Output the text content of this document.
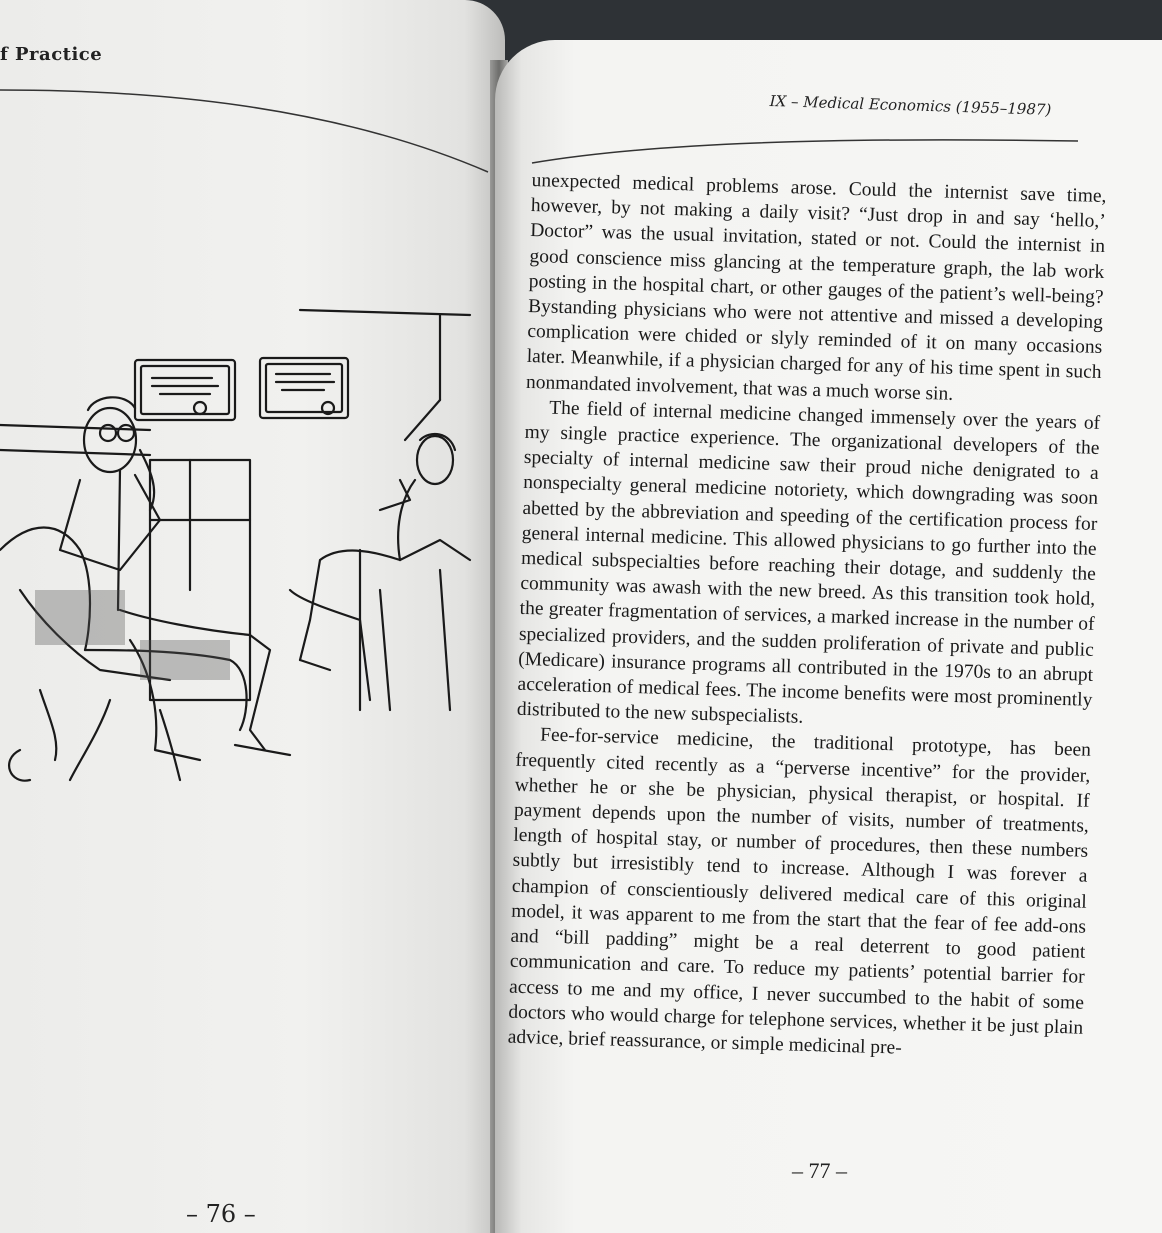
f Practice
– 76 –
IX – Medical Economics (1955–1987)

unexpected medical problems arose. Could the internist save time, however, by not making a daily visit? “Just drop in and say ‘hello,’ Doctor” was the usual invitation, stated or not. Could the internist in good conscience miss glancing at the temperature graph, the lab work posting in the hospital chart, or other gauges of the patient’s well-being? Bystanding physicians who were not attentive and missed a developing complication were chided or slyly reminded of it on many occasions later. Meanwhile, if a physician charged for any of his time spent in such nonmandated involvement, that was a much worse sin.

The field of internal medicine changed immensely over the years of my single practice experience. The organizational developers of the specialty of internal medicine saw their proud niche denigrated to a nonspecialty general medicine notoriety, which downgrading was soon abetted by the abbreviation and speeding of the certification process for general internal medicine. This allowed physicians to go further into the medical subspecialties before reaching their dotage, and suddenly the community was awash with the new breed. As this transition took hold, the greater fragmentation of services, a marked increase in the number of specialized providers, and the sudden proliferation of private and public (Medicare) insurance programs all contributed in the 1970s to an abrupt acceleration of medical fees. The income benefits were most prominently distributed to the new subspecialists.

Fee-for-service medicine, the traditional prototype, has been frequently cited recently as a “perverse incentive” for the provider, whether he or she be physician, physical therapist, or hospital. If payment depends upon the number of visits, number of treatments, length of hospital stay, or number of procedures, then these numbers subtly but irresistibly tend to increase. Although I was forever a champion of conscientiously delivered medical care of this original model, it was apparent to me from the start that the fear of fee add-ons and “bill padding” might be a real deterrent to good patient communication and care. To reduce my patients’ potential barrier for access to me and my office, I never succumbed to the habit of some doctors who would charge for telephone services, whether it be just plain advice, brief reassurance, or simple medicinal pre-

– 77 –
